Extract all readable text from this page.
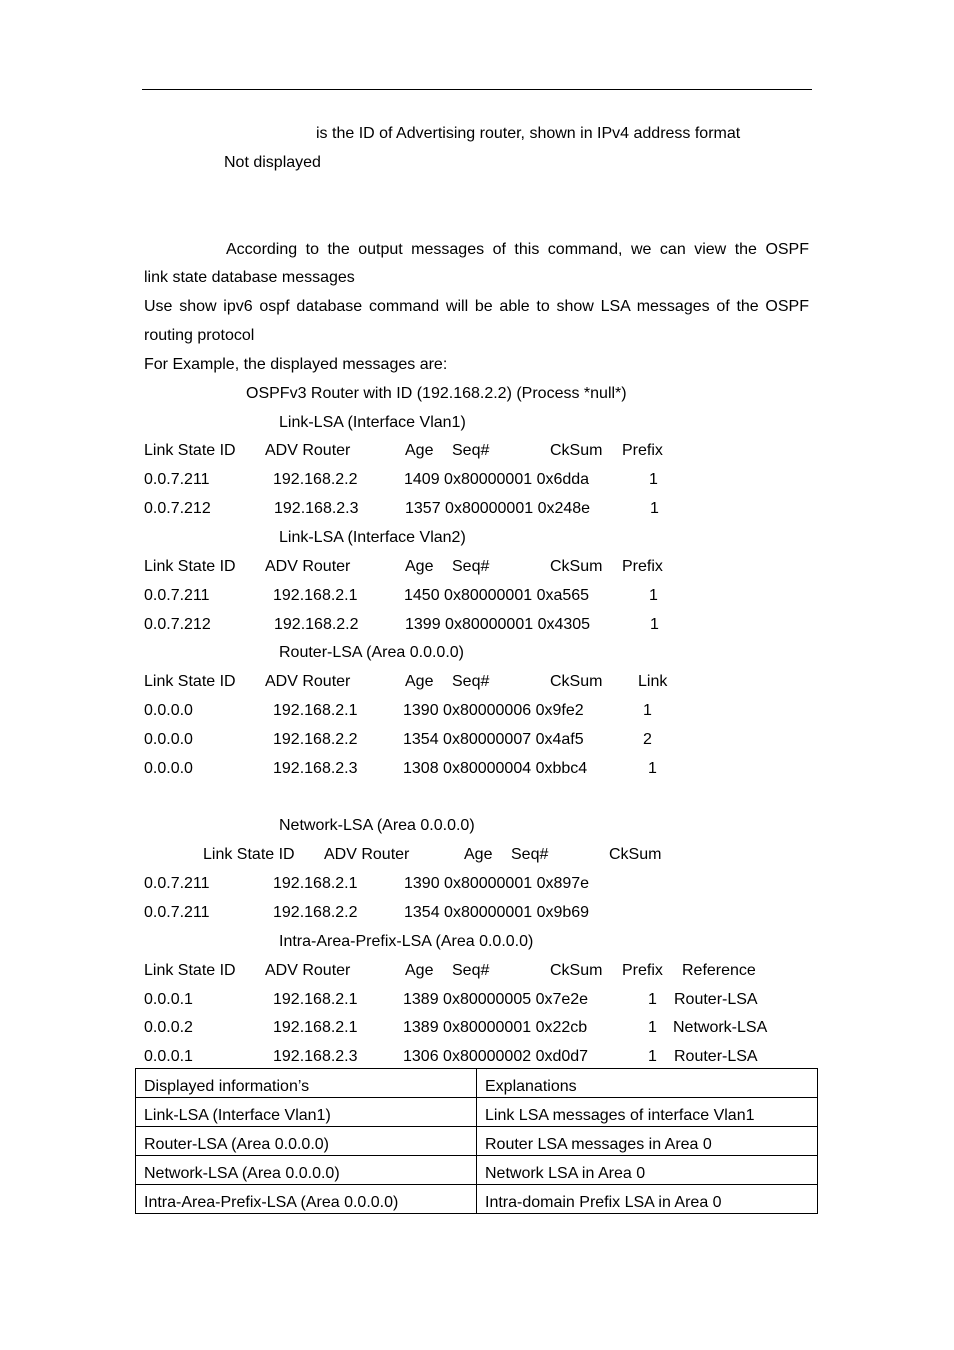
is the ID of Advertising router, shown in IPv4 address format
Not displayed
According to the output messages of this command, we can view the OSPF
link state database messages
Use show ipv6 ospf database command will be able to show LSA messages of the OSPF
routing protocol
For Example, the displayed messages are:
OSPFv3 Router with ID (192.168.2.2) (Process *null*)
Link-LSA (Interface Vlan1)
Link State ID ADV Router	Age Seq#	CkSum Prefix
0.0.7.211	192.168.2.2	1409 0x80000001 0x6dda	1
0.0.7.212	192.168.2.3	1357 0x80000001 0x248e	1
Link-LSA (Interface Vlan2)
Link State ID ADV Router	Age Seq#	CkSum Prefix
0.0.7.211	192.168.2.1	1450 0x80000001 0xa565	1
0.0.7.212	192.168.2.2	1399 0x80000001 0x4305	1
Router-LSA (Area 0.0.0.0)
Link State ID ADV Router	Age Seq#	CkSum Link
0.0.0.0	192.168.2.1	1390 0x80000006 0x9fe2	1
0.0.0.0	192.168.2.2	1354 0x80000007 0x4af5	2
0.0.0.0	192.168.2.3	1308 0x80000004 0xbbc4	1
Network-LSA (Area 0.0.0.0)
Link State ID ADV Router	Age Seq#	CkSum
0.0.7.211	192.168.2.1	1390 0x80000001 0x897e
0.0.7.211	192.168.2.2	1354 0x80000001 0x9b69
Intra-Area-Prefix-LSA (Area 0.0.0.0)
Link State ID ADV Router	Age Seq#	CkSum Prefix Reference
0.0.0.1	192.168.2.1	1389 0x80000005 0x7e2e	1 Router-LSA
0.0.0.2	192.168.2.1	1389 0x80000001 0x22cb	1 Network-LSA
0.0.0.1	192.168.2.3	1306 0x80000002 0xd0d7	1 Router-LSA
Displayed information’s	Explanations
Link-LSA (Interface Vlan1)	Link LSA messages of interface Vlan1
Router-LSA (Area 0.0.0.0)	Router LSA messages in Area 0
Network-LSA (Area 0.0.0.0)	Network LSA in Area 0
Intra-Area-Prefix-LSA (Area 0.0.0.0)	Intra-domain Prefix LSA in Area 0
